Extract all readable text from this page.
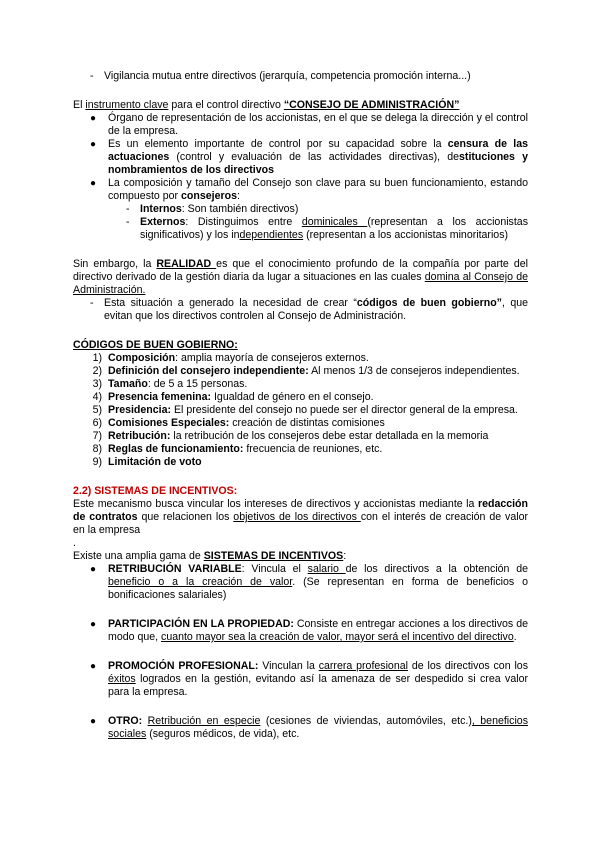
- Vigilancia mutua entre directivos (jerarquía, competencia promoción interna...)

El instrumento clave para el control directivo “CONSEJO DE ADMINISTRACIÓN”

●	Órgano de representación de los accionistas, en el que se delega la dirección y el control de la empresa.
●	Es un elemento importante de control por su capacidad sobre la censura de las actuaciones (control y evaluación de las actividades directivas), destituciones y nombramientos de los directivos
●	La composición y tamaño del Consejo son clave para su buen funcionamiento, estando compuesto por consejeros:
- Internos: Son también directivos)
- Externos: Distinguimos entre dominicales (representan a los accionistas significativos) y los independientes (representan a los accionistas minoritarios)

Sin embargo, la REALIDAD es que el conocimiento profundo de la compañía por parte del directivo derivado de la gestión diaria da lugar a situaciones en las cuales domina al Consejo de Administración.

- Esta situación a generado la necesidad de crear “códigos de buen gobierno”, que evitan que los directivos controlen al Consejo de Administración.

CÓDIGOS DE BUEN GOBIERNO:

1) Composición: amplia mayoría de consejeros externos.
2) Definición del consejero independiente: Al menos 1/3 de consejeros independientes.
3) Tamaño: de 5 a 15 personas.
4) Presencia femenina: Igualdad de género en el consejo.
5) Presidencia: El presidente del consejo no puede ser el director general de la empresa.
6) Comisiones Especiales: creación de distintas comisiones
7) Retribución: la retribución de los consejeros debe estar detallada en la memoria
8) Reglas de funcionamiento: frecuencia de reuniones, etc.
9) Limitación de voto

2.2) SISTEMAS DE INCENTIVOS:

Este mecanismo busca vincular los intereses de directivos y accionistas mediante la redacción de contratos que relacionen los objetivos de los directivos con el interés de creación de valor en la empresa

.

Existe una amplia gama de SISTEMAS DE INCENTIVOS:

●	RETRIBUCIÓN VARIABLE: Vincula el salario de los directivos a la obtención de beneficio o a la creación de valor. (Se representan en forma de beneficios o bonificaciones salariales)
●	PARTICIPACIÓN EN LA PROPIEDAD: Consiste en entregar acciones a los directivos de modo que, cuanto mayor sea la creación de valor, mayor será el incentivo del directivo.
●	PROMOCIÓN PROFESIONAL: Vinculan la carrera profesional de los directivos con los éxitos logrados en la gestión, evitando así la amenaza de ser despedido si crea valor para la empresa.
●	OTRO: Retribución en especie (cesiones de viviendas, automóviles, etc.), beneficios sociales (seguros médicos, de vida), etc.
